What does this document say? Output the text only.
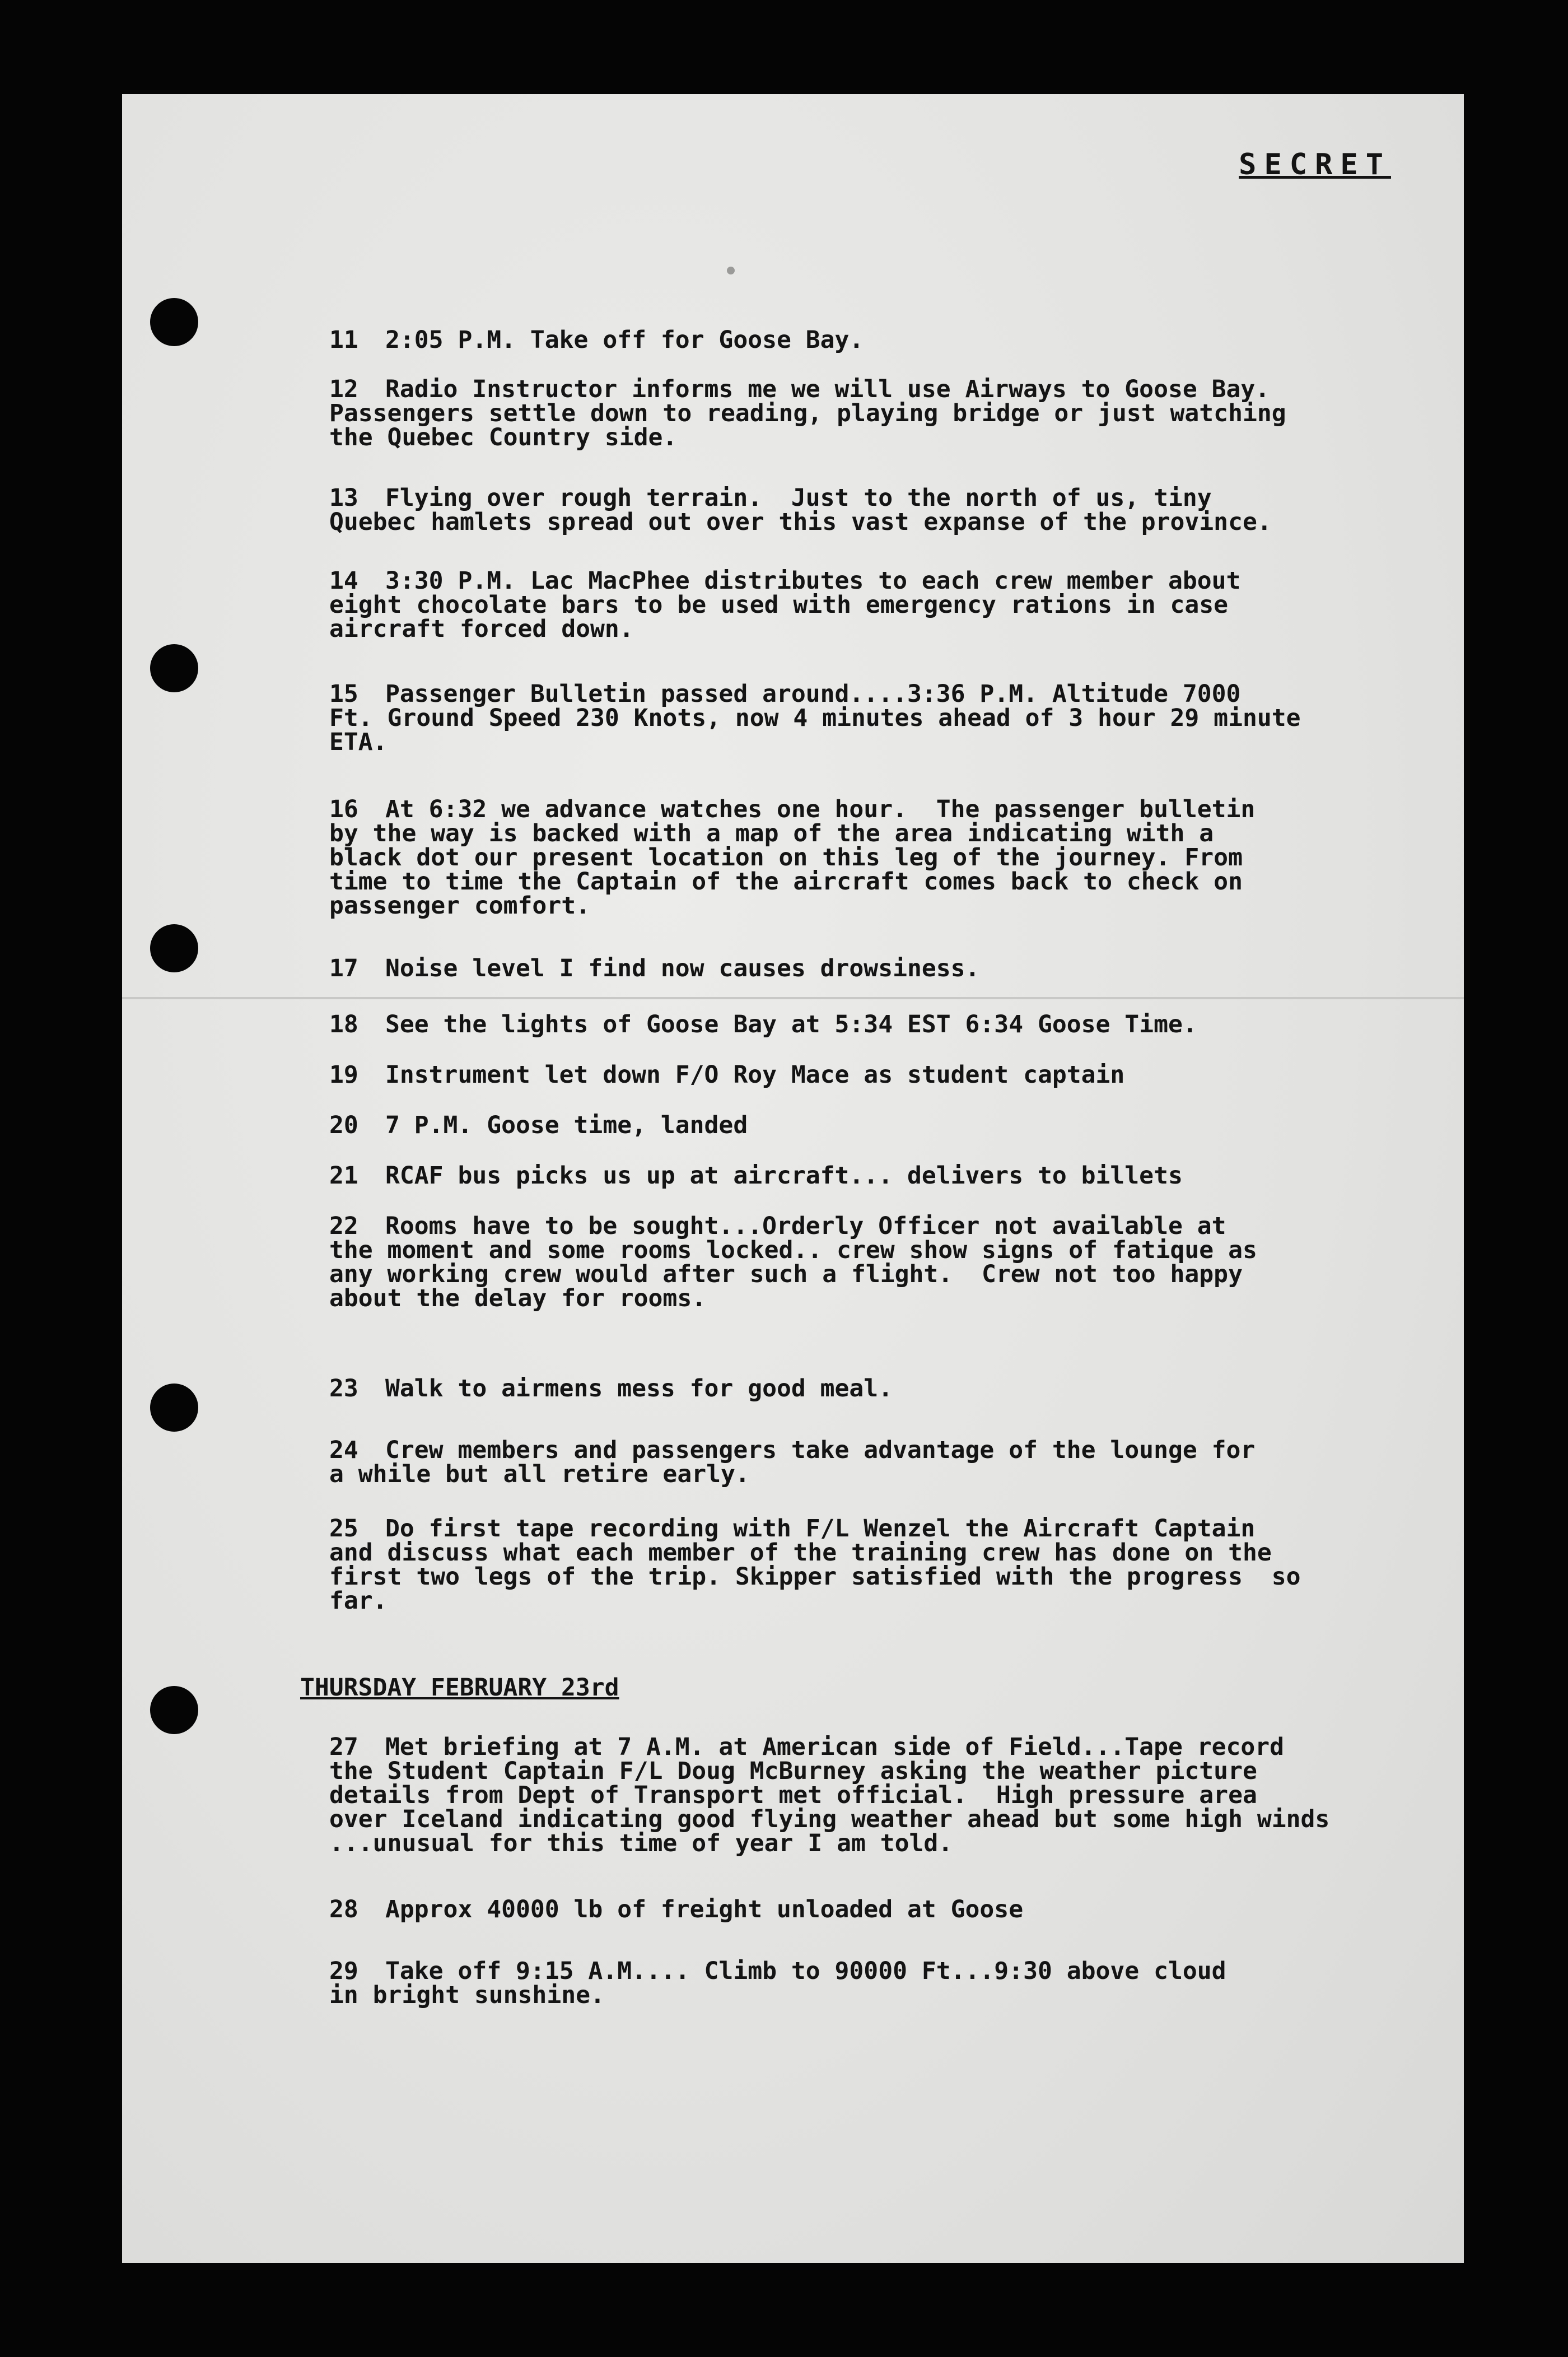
SECRET
11 2:05 P.M. Take off for Goose Bay.
12 Radio Instructor informs me we will use Airways to Goose Bay.
Passengers settle down to reading, playing bridge or just watching
the Quebec Country side.
13 Flying over rough terrain.  Just to the north of us, tiny
Quebec hamlets spread out over this vast expanse of the province.
14 3:30 P.M. Lac MacPhee distributes to each crew member about
eight chocolate bars to be used with emergency rations in case
aircraft forced down.
15 Passenger Bulletin passed around....3:36 P.M. Altitude 7000
Ft. Ground Speed 230 Knots, now 4 minutes ahead of 3 hour 29 minute
ETA.
16 At 6:32 we advance watches one hour.  The passenger bulletin
by the way is backed with a map of the area indicating with a
black dot our present location on this leg of the journey. From
time to time the Captain of the aircraft comes back to check on
passenger comfort.
17 Noise level I find now causes drowsiness.
18 See the lights of Goose Bay at 5:34 EST 6:34 Goose Time.
19 Instrument let down F/O Roy Mace as student captain
20 7 P.M. Goose time, landed
21 RCAF bus picks us up at aircraft... delivers to billets
22 Rooms have to be sought...Orderly Officer not available at
the moment and some rooms locked.. crew show signs of fatique as
any working crew would after such a flight.  Crew not too happy
about the delay for rooms.
23 Walk to airmens mess for good meal.
24 Crew members and passengers take advantage of the lounge for
a while but all retire early.
25 Do first tape recording with F/L Wenzel the Aircraft Captain
and discuss what each member of the training crew has done on the
first two legs of the trip. Skipper satisfied with the progress  so
far.
THURSDAY FEBRUARY 23rd
27 Met briefing at 7 A.M. at American side of Field...Tape record
the Student Captain F/L Doug McBurney asking the weather picture
details from Dept of Transport met official.  High pressure area
over Iceland indicating good flying weather ahead but some high winds
...unusual for this time of year I am told.
28 Approx 40000 lb of freight unloaded at Goose
29 Take off 9:15 A.M.... Climb to 90000 Ft...9:30 above cloud
in bright sunshine.
